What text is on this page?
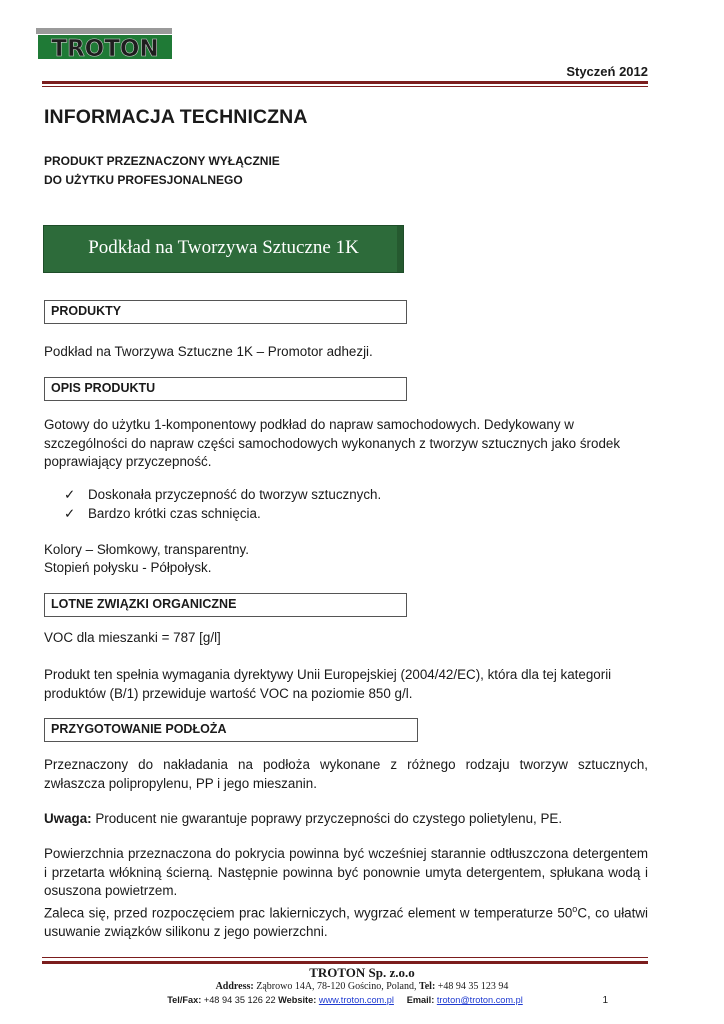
TROTON
Styczeń 2012
INFORMACJA TECHNICZNA
PRODUKT PRZEZNACZONY WYŁĄCZNIE
DO UŻYTKU PROFESJONALNEGO
Podkład na Tworzywa Sztuczne 1K
PRODUKTY
Podkład na Tworzywa Sztuczne 1K – Promotor adhezji.
OPIS PRODUKTU
Gotowy do użytku 1-komponentowy podkład do napraw samochodowych. Dedykowany w szczególności do napraw części samochodowych wykonanych z tworzyw sztucznych jako środek poprawiający przyczepność.
✓ Doskonała przyczepność do tworzyw sztucznych.
✓ Bardzo krótki czas schnięcia.
Kolory – Słomkowy, transparentny.
Stopień połysku - Półpołysk.
LOTNE ZWIĄZKI ORGANICZNE
VOC dla mieszanki = 787 [g/l]
Produkt ten spełnia wymagania dyrektywy Unii Europejskiej (2004/42/EC), która dla tej kategorii produktów (B/1) przewiduje wartość VOC na poziomie 850 g/l.
PRZYGOTOWANIE PODŁOŻA
Przeznaczony do nakładania na podłoża wykonane z różnego rodzaju tworzyw sztucznych, zwłaszcza polipropylenu, PP i jego mieszanin.
Uwaga: Producent nie gwarantuje poprawy przyczepności do czystego polietylenu, PE.
Powierzchnia przeznaczona do pokrycia powinna być wcześniej starannie odtłuszczona detergentem i przetarta włókniną ścierną. Następnie powinna być ponownie umyta detergentem, spłukana wodą i osuszona powietrzem.
Zaleca się, przed rozpoczęciem prac lakierniczych, wygrzać element w temperaturze 50$^o$C, co ułatwi usuwanie związków silikonu z jego powierzchni.
TROTON Sp. z.o.o
Address: Ząbrowo 14A, 78-120 Gościno, Poland, Tel: +48 94 35 123 94
Tel/Fax: +48 94 35 126 22 Website: www.troton.com.pl Email: troton@troton.com.pl	1
